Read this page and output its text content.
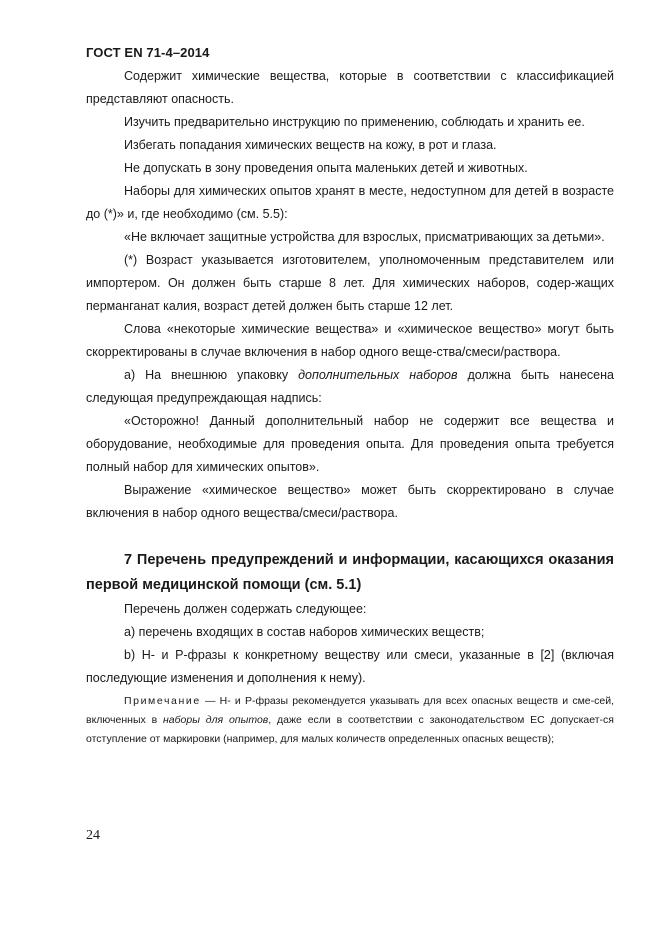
ГОСТ EN 71-4–2014

Содержит химические вещества, которые в соответствии с классификацией представляют опасность.

Изучить предварительно инструкцию по применению, соблюдать и хранить ее.

Избегать попадания химических веществ на кожу, в рот и глаза.

Не допускать в зону проведения опыта маленьких детей и животных.

Наборы для химических опытов хранят в месте, недоступном для детей в возрасте до (*)» и, где необходимо (см. 5.5):

«Не включает защитные устройства для взрослых, присматривающих за детьми».

(*) Возраст указывается изготовителем, уполномоченным представителем или импортером. Он должен быть старше 8 лет. Для химических наборов, содер-жащих перманганат калия, возраст детей должен быть старше 12 лет.

Слова «некоторые химические вещества» и «химическое вещество» могут быть скорректированы в случае включения в набор одного веще-ства/смеси/раствора.

а) На внешнюю упаковку дополнительных наборов должна быть нанесена следующая предупреждающая надпись:

«Осторожно! Данный дополнительный набор не содержит все вещества и оборудование, необходимые для проведения опыта. Для проведения опыта требуется полный набор для химических опытов».

Выражение «химическое вещество» может быть скорректировано в случае включения в набор одного вещества/смеси/раствора.

7 Перечень предупреждений и информации, касающихся оказания первой медицинской помощи (см. 5.1)

Перечень должен содержать следующее:

а) перечень входящих в состав наборов химических веществ;

b) Н- и Р-фразы к конкретному веществу или смеси, указанные в [2] (включая последующие изменения и дополнения к нему).

Примечание — Н- и Р-фразы рекомендуется указывать для всех опасных веществ и сме-сей, включенных в наборы для опытов, даже если в соответствии с законодательством ЕС допускает-ся отступление от маркировки (например, для малых количеств определенных опасных веществ);

24
